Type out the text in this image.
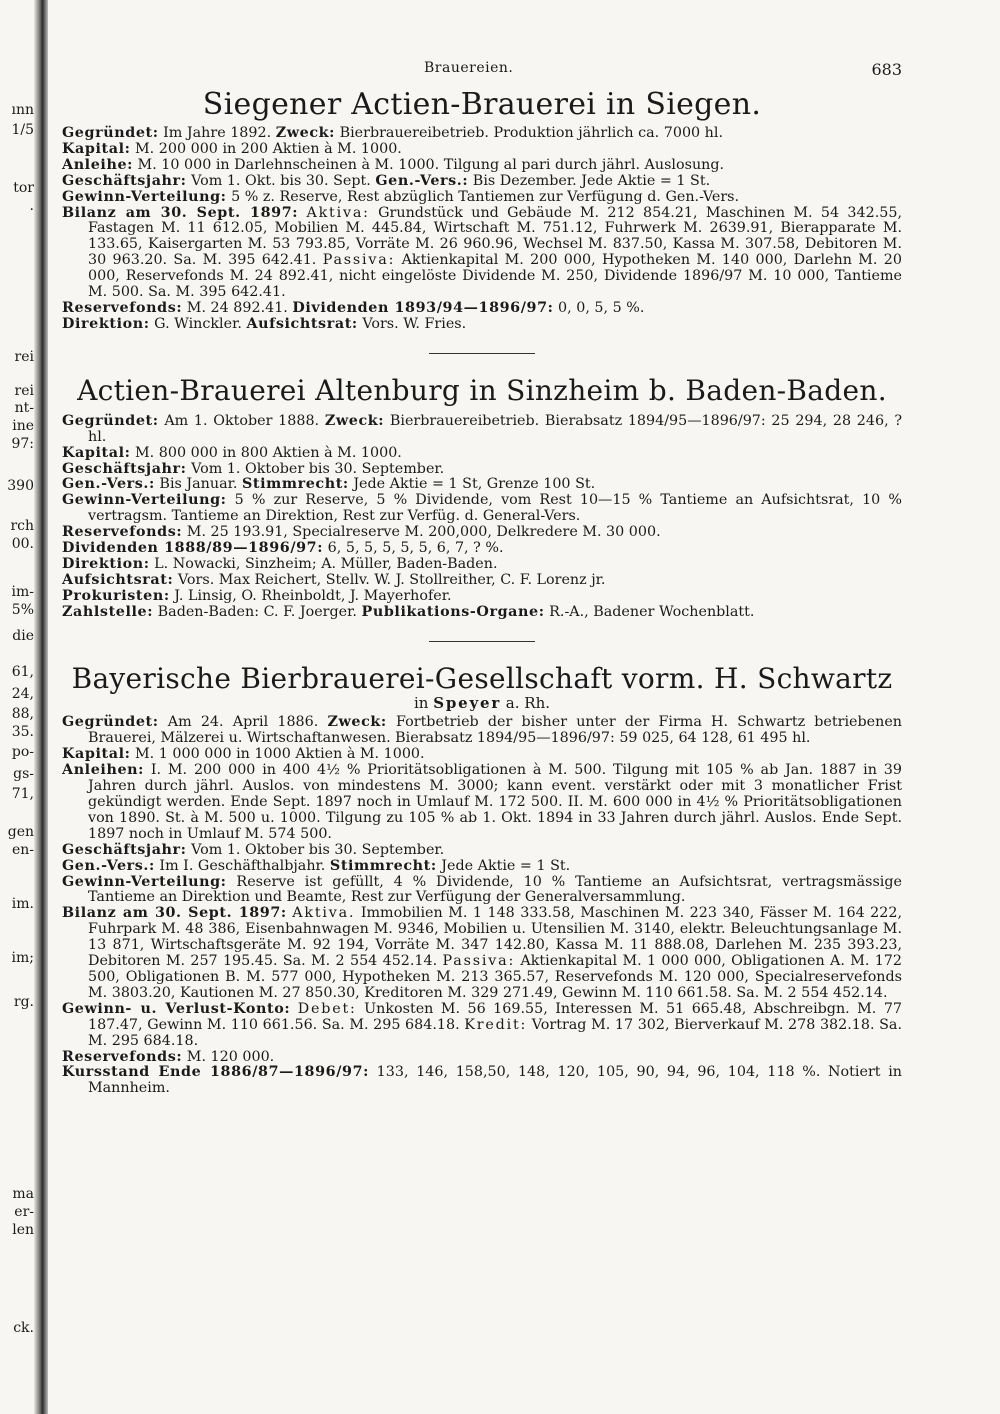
ınn
1/5
tor
.
rei
rei
nt-
ine
97:
390
rch
00.
im-
5%
die
61,
24,
88,
35.
po-
gs-
71,
gen
en-
im.
im;
rg.
ma
er-
len
ck.
Brauereien.	683
Siegener Actien-Brauerei in Siegen.

Gegründet: Im Jahre 1892. Zweck: Bierbrauereibetrieb. Produktion jährlich ca. 7000 hl.

Kapital: M. 200 000 in 200 Aktien à M. 1000.

Anleihe: M. 10 000 in Darlehnscheinen à M. 1000. Tilgung al pari durch jährl. Auslosung.

Geschäftsjahr: Vom 1. Okt. bis 30. Sept. Gen.-Vers.: Bis Dezember. Jede Aktie = 1 St.

Gewinn-Verteilung: 5 % z. Reserve, Rest abzüglich Tantiemen zur Verfügung d. Gen.-Vers.

Bilanz am 30. Sept. 1897: Aktiva: Grundstück und Gebäude M. 212 854.21, Maschinen M. 54 342.55, Fastagen M. 11 612.05, Mobilien M. 445.84, Wirtschaft M. 751.12, Fuhrwerk M. 2639.91, Bierapparate M. 133.65, Kaisergarten M. 53 793.85, Vorräte M. 26 960.96, Wechsel M. 837.50, Kassa M. 307.58, Debitoren M. 30 963.20. Sa. M. 395 642.41. Passiva: Aktienkapital M. 200 000, Hypotheken M. 140 000, Darlehn M. 20 000, Reservefonds M. 24 892.41, nicht eingelöste Dividende M. 250, Dividende 1896/97 M. 10 000, Tantieme M. 500. Sa. M. 395 642.41.

Reservefonds: M. 24 892.41. Dividenden 1893/94—1896/97: 0, 0, 5, 5 %.

Direktion: G. Winckler. Aufsichtsrat: Vors. W. Fries.

Actien-Brauerei Altenburg in Sinzheim b. Baden-Baden.

Gegründet: Am 1. Oktober 1888. Zweck: Bierbrauereibetrieb. Bierabsatz 1894/95—1896/97: 25 294, 28 246, ? hl.

Kapital: M. 800 000 in 800 Aktien à M. 1000.

Geschäftsjahr: Vom 1. Oktober bis 30. September.

Gen.-Vers.: Bis Januar. Stimmrecht: Jede Aktie = 1 St, Grenze 100 St.

Gewinn-Verteilung: 5 % zur Reserve, 5 % Dividende, vom Rest 10—15 % Tantieme an Aufsichtsrat, 10 % vertragsm. Tantieme an Direktion, Rest zur Verfüg. d. General-Vers.

Reservefonds: M. 25 193.91, Specialreserve M. 200,000, Delkredere M. 30 000.

Dividenden 1888/89—1896/97: 6, 5, 5, 5, 5, 5, 6, 7, ? %.

Direktion: L. Nowacki, Sinzheim; A. Müller, Baden-Baden.

Aufsichtsrat: Vors. Max Reichert, Stellv. W. J. Stollreither, C. F. Lorenz jr.

Prokuristen: J. Linsig, O. Rheinboldt, J. Mayerhofer.

Zahlstelle: Baden-Baden: C. F. Joerger. Publikations-Organe: R.-A., Badener Wochenblatt.

Bayerische Bierbrauerei-Gesellschaft vorm. H. Schwartz
in Speyer a. Rh.

Gegründet: Am 24. April 1886. Zweck: Fortbetrieb der bisher unter der Firma H. Schwartz betriebenen Brauerei, Mälzerei u. Wirtschaftanwesen. Bierabsatz 1894/95—1896/97: 59 025, 64 128, 61 495 hl.

Kapital: M. 1 000 000 in 1000 Aktien à M. 1000.

Anleihen: I. M. 200 000 in 400 4½ % Prioritätsobligationen à M. 500. Tilgung mit 105 % ab Jan. 1887 in 39 Jahren durch jährl. Auslos. von mindestens M. 3000; kann event. verstärkt oder mit 3 monatlicher Frist gekündigt werden. Ende Sept. 1897 noch in Umlauf M. 172 500. II. M. 600 000 in 4½ % Prioritätsobligationen von 1890. St. à M. 500 u. 1000. Tilgung zu 105 % ab 1. Okt. 1894 in 33 Jahren durch jährl. Auslos. Ende Sept. 1897 noch in Umlauf M. 574 500.

Geschäftsjahr: Vom 1. Oktober bis 30. September.

Gen.-Vers.: Im I. Geschäfthalbjahr. Stimmrecht: Jede Aktie = 1 St.

Gewinn-Verteilung: Reserve ist gefüllt, 4 % Dividende, 10 % Tantieme an Aufsichtsrat, vertragsmässige Tantieme an Direktion und Beamte, Rest zur Verfügung der Generalversammlung.

Bilanz am 30. Sept. 1897: Aktiva. Immobilien M. 1 148 333.58, Maschinen M. 223 340, Fässer M. 164 222, Fuhrpark M. 48 386, Eisenbahnwagen M. 9346, Mobilien u. Utensilien M. 3140, elektr. Beleuchtungsanlage M. 13 871, Wirtschaftsgeräte M. 92 194, Vorräte M. 347 142.80, Kassa M. 11 888.08, Darlehen M. 235 393.23, Debitoren M. 257 195.45. Sa. M. 2 554 452.14. Passiva: Aktienkapital M. 1 000 000, Obligationen A. M. 172 500, Obligationen B. M. 577 000, Hypotheken M. 213 365.57, Reservefonds M. 120 000, Specialreservefonds M. 3803.20, Kautionen M. 27 850.30, Kreditoren M. 329 271.49, Gewinn M. 110 661.58. Sa. M. 2 554 452.14.

Gewinn- u. Verlust-Konto: Debet: Unkosten M. 56 169.55, Interessen M. 51 665.48, Abschreibgn. M. 77 187.47, Gewinn M. 110 661.56. Sa. M. 295 684.18. Kredit: Vortrag M. 17 302, Bierverkauf M. 278 382.18. Sa. M. 295 684.18.

Reservefonds: M. 120 000.

Kursstand Ende 1886/87—1896/97: 133, 146, 158,50, 148, 120, 105, 90, 94, 96, 104, 118 %. Notiert in Mannheim.
